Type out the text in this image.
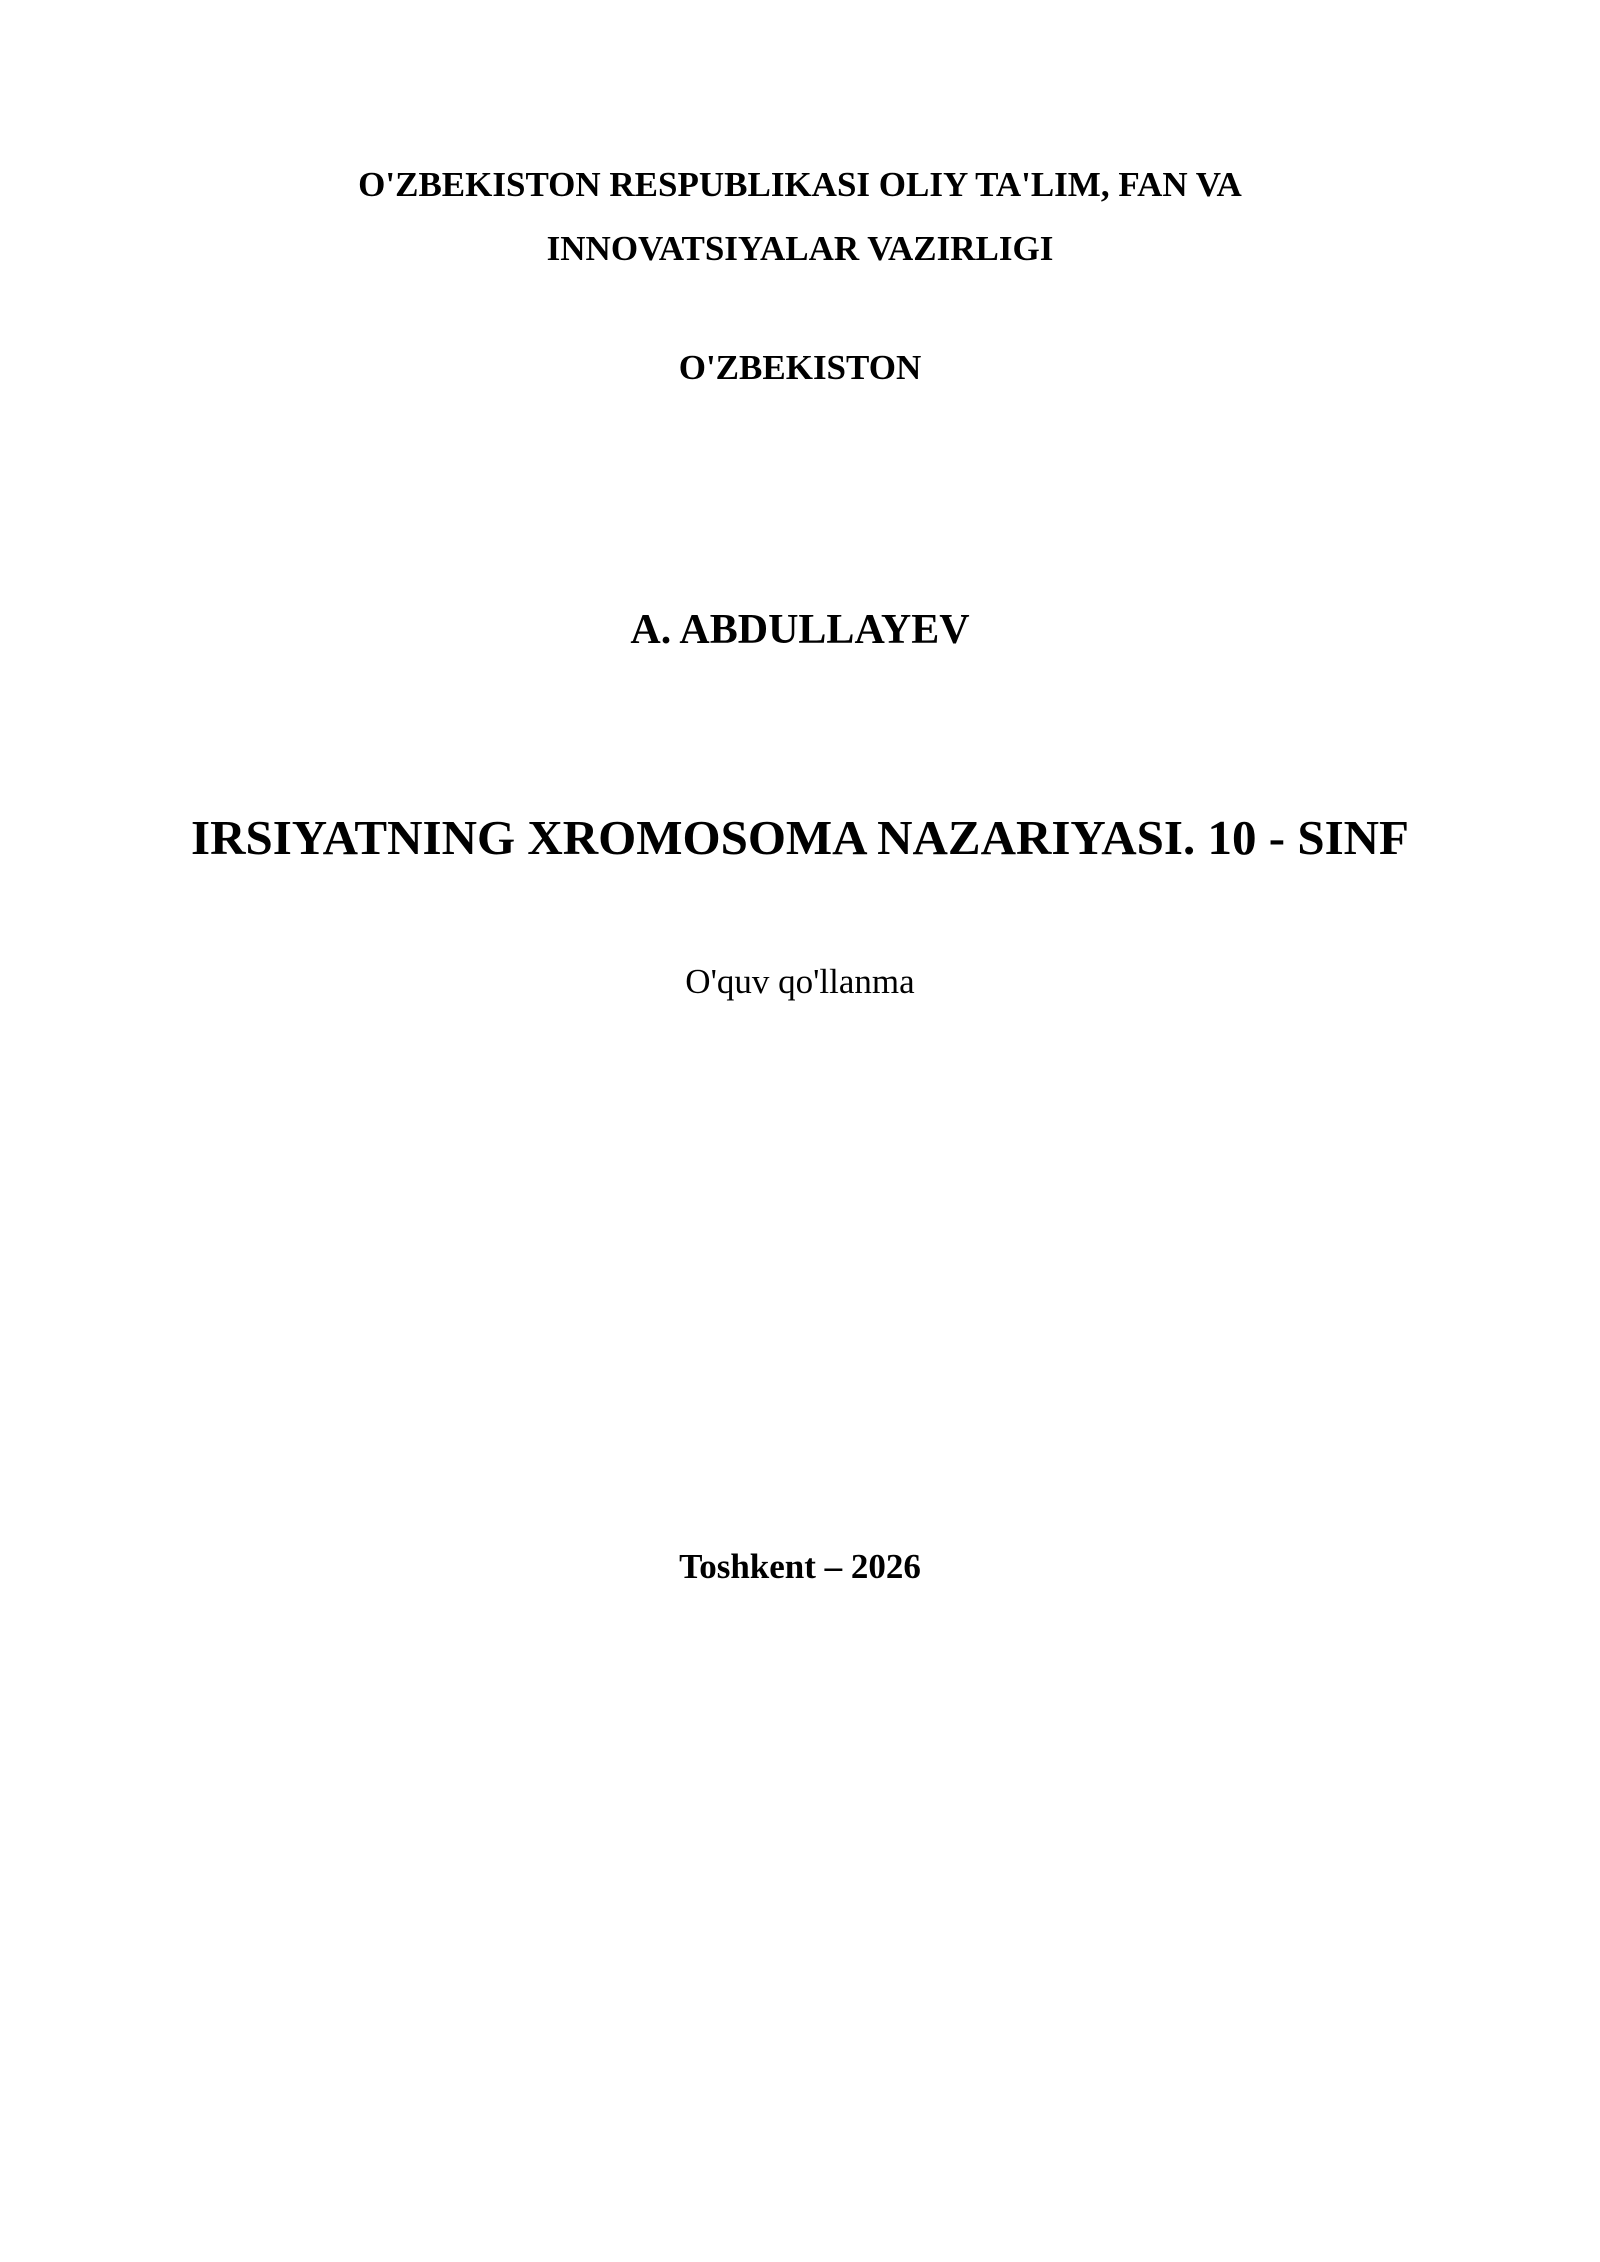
O'ZBEKISTON RESPUBLIKASI OLIY TA'LIM, FAN VA
INNOVATSIYALAR VAZIRLIGI
O'ZBEKISTON
A. ABDULLAYEV
IRSIYATNING XROMOSOMA NAZARIYASI. 10 - SINF
O'quv qo'llanma
Toshkent – 2026
